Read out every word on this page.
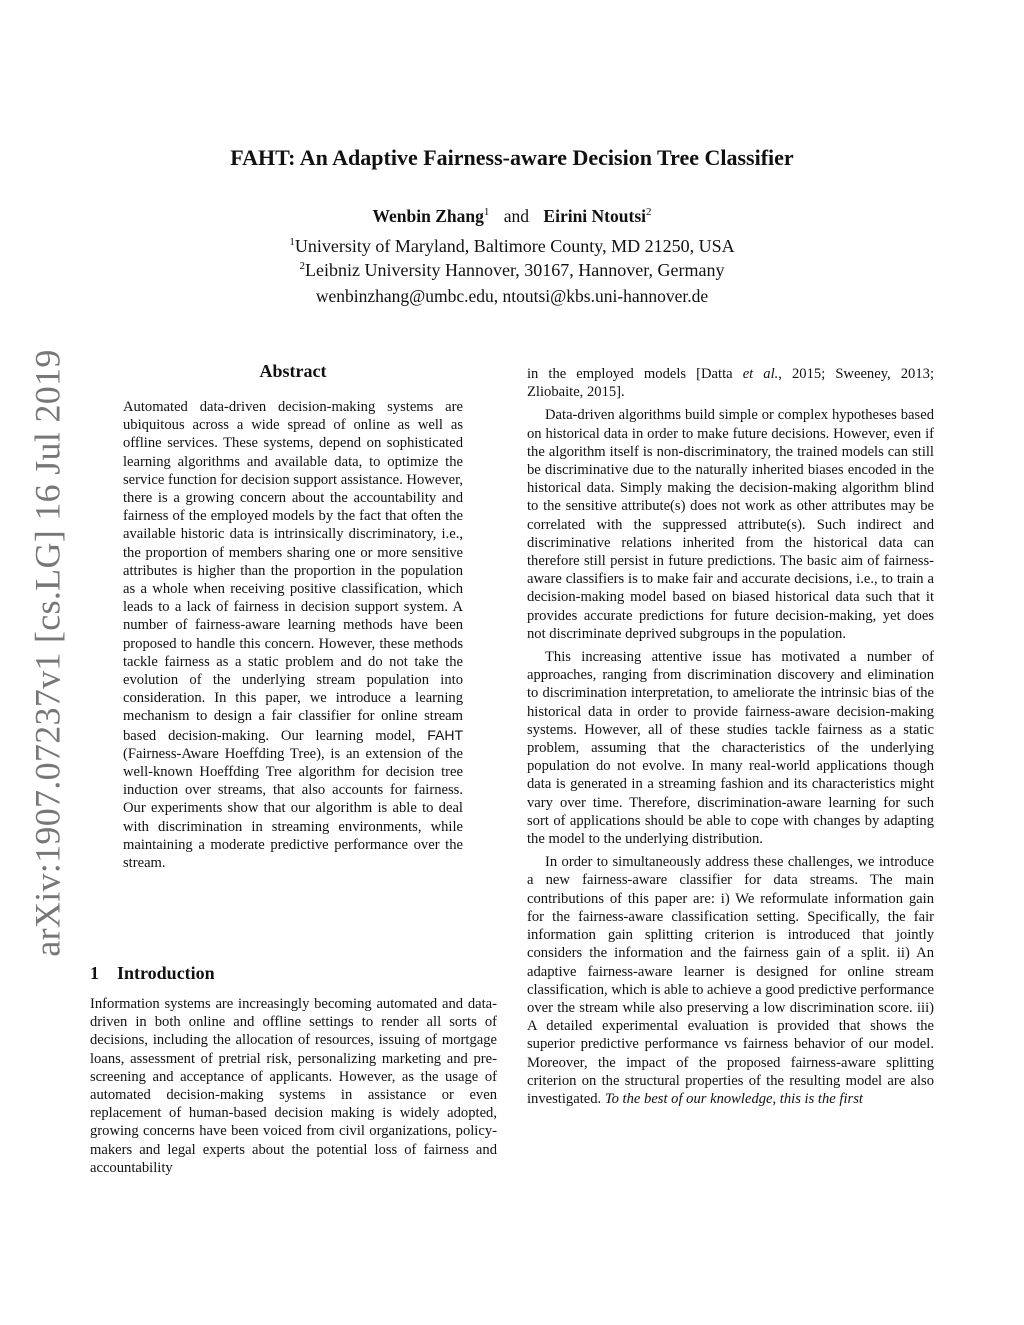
arXiv:1907.07237v1 [cs.LG] 16 Jul 2019
FAHT: An Adaptive Fairness-aware Decision Tree Classifier
Wenbin Zhang$^1$ and Eirini Ntoutsi$^2$
$^1$University of Maryland, Baltimore County, MD 21250, USA
$^2$Leibniz University Hannover, 30167, Hannover, Germany
wenbinzhang@umbc.edu, ntoutsi@kbs.uni-hannover.de
Abstract

Automated data-driven decision-making systems are ubiquitous across a wide spread of online as well as offline services. These systems, depend on sophisticated learning algorithms and available data, to optimize the service function for decision support assistance. However, there is a growing concern about the accountability and fairness of the employed models by the fact that often the available historic data is intrinsically discriminatory, i.e., the proportion of members sharing one or more sensitive attributes is higher than the proportion in the population as a whole when receiving positive classification, which leads to a lack of fairness in decision support system. A number of fairness-aware learning methods have been proposed to handle this concern. However, these methods tackle fairness as a static problem and do not take the evolution of the underlying stream population into consideration. In this paper, we introduce a learning mechanism to design a fair classifier for online stream based decision-making. Our learning model, FAHT (Fairness-Aware Hoeffding Tree), is an extension of the well-known Hoeffding Tree algorithm for decision tree induction over streams, that also accounts for fairness. Our experiments show that our algorithm is able to deal with discrimination in streaming environments, while maintaining a moderate predictive performance over the stream.

1 Introduction

Information systems are increasingly becoming automated and data-driven in both online and offline settings to render all sorts of decisions, including the allocation of resources, issuing of mortgage loans, assessment of pretrial risk, personalizing marketing and pre-screening and acceptance of applicants. However, as the usage of automated decision-making systems in assistance or even replacement of human-based decision making is widely adopted, growing concerns have been voiced from civil organizations, policy-makers and legal experts about the potential loss of fairness and accountability

in the employed models [Datta et al., 2015; Sweeney, 2013; Zliobaite, 2015].

Data-driven algorithms build simple or complex hypotheses based on historical data in order to make future decisions. However, even if the algorithm itself is non-discriminatory, the trained models can still be discriminative due to the naturally inherited biases encoded in the historical data. Simply making the decision-making algorithm blind to the sensitive attribute(s) does not work as other attributes may be correlated with the suppressed attribute(s). Such indirect and discriminative relations inherited from the historical data can therefore still persist in future predictions. The basic aim of fairness-aware classifiers is to make fair and accurate decisions, i.e., to train a decision-making model based on biased historical data such that it provides accurate predictions for future decision-making, yet does not discriminate deprived subgroups in the population.

This increasing attentive issue has motivated a number of approaches, ranging from discrimination discovery and elimination to discrimination interpretation, to ameliorate the intrinsic bias of the historical data in order to provide fairness-aware decision-making systems. However, all of these studies tackle fairness as a static problem, assuming that the characteristics of the underlying population do not evolve. In many real-world applications though data is generated in a streaming fashion and its characteristics might vary over time. Therefore, discrimination-aware learning for such sort of applications should be able to cope with changes by adapting the model to the underlying distribution.

In order to simultaneously address these challenges, we introduce a new fairness-aware classifier for data streams. The main contributions of this paper are: i) We reformulate information gain for the fairness-aware classification setting. Specifically, the fair information gain splitting criterion is introduced that jointly considers the information and the fairness gain of a split. ii) An adaptive fairness-aware learner is designed for online stream classification, which is able to achieve a good predictive performance over the stream while also preserving a low discrimination score. iii) A detailed experimental evaluation is provided that shows the superior predictive performance vs fairness behavior of our model. Moreover, the impact of the proposed fairness-aware splitting criterion on the structural properties of the resulting model are also investigated. To the best of our knowledge, this is the first
